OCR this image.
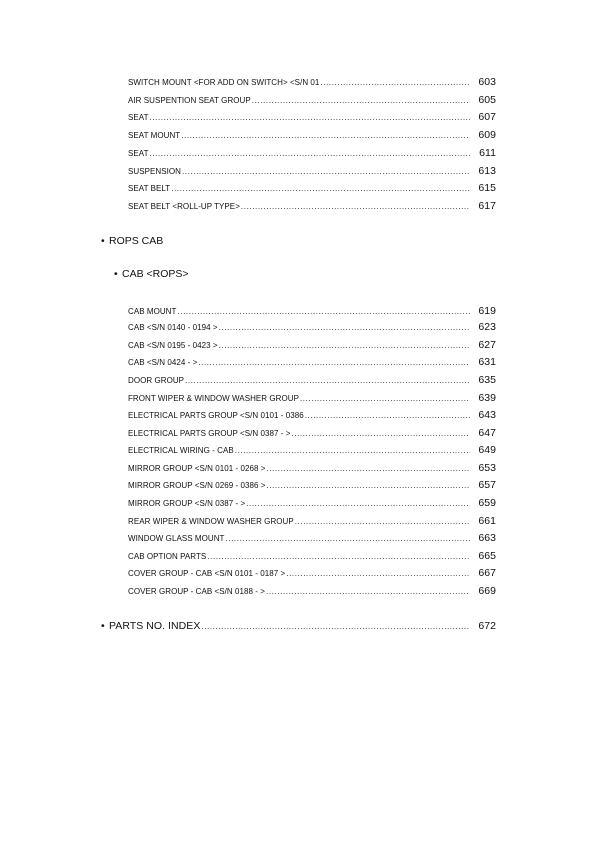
SWITCH MOUNT <FOR ADD ON SWITCH> <S/N 01 .....	603
AIR SUSPENTION SEAT GROUP .....	605
SEAT .....	607
SEAT MOUNT .....	609
SEAT .....	611
SUSPENSION .....	613
SEAT BELT .....	615
SEAT BELT <ROLL-UP TYPE> .....	617
• ROPS CAB
• CAB <ROPS>
CAB MOUNT .....	619
CAB <S/N 0140 - 0194 > .....	623
CAB <S/N 0195 - 0423 > .....	627
CAB <S/N 0424 - > .....	631
DOOR GROUP .....	635
FRONT WIPER & WINDOW WASHER GROUP .....	639
ELECTRICAL PARTS GROUP <S/N 0101 - 0386 .....	643
ELECTRICAL PARTS GROUP <S/N 0387 - > .....	647
ELECTRICAL WIRING - CAB .....	649
MIRROR GROUP <S/N 0101 - 0268 > .....	653
MIRROR GROUP <S/N 0269 - 0386 > .....	657
MIRROR GROUP <S/N 0387 - > .....	659
REAR WIPER & WINDOW WASHER GROUP .....	661
WINDOW GLASS MOUNT .....	663
CAB OPTION PARTS .....	665
COVER GROUP - CAB <S/N 0101 - 0187 > .....	667
COVER GROUP - CAB <S/N 0188 - > .....	669
• PARTS NO. INDEX .....	672
